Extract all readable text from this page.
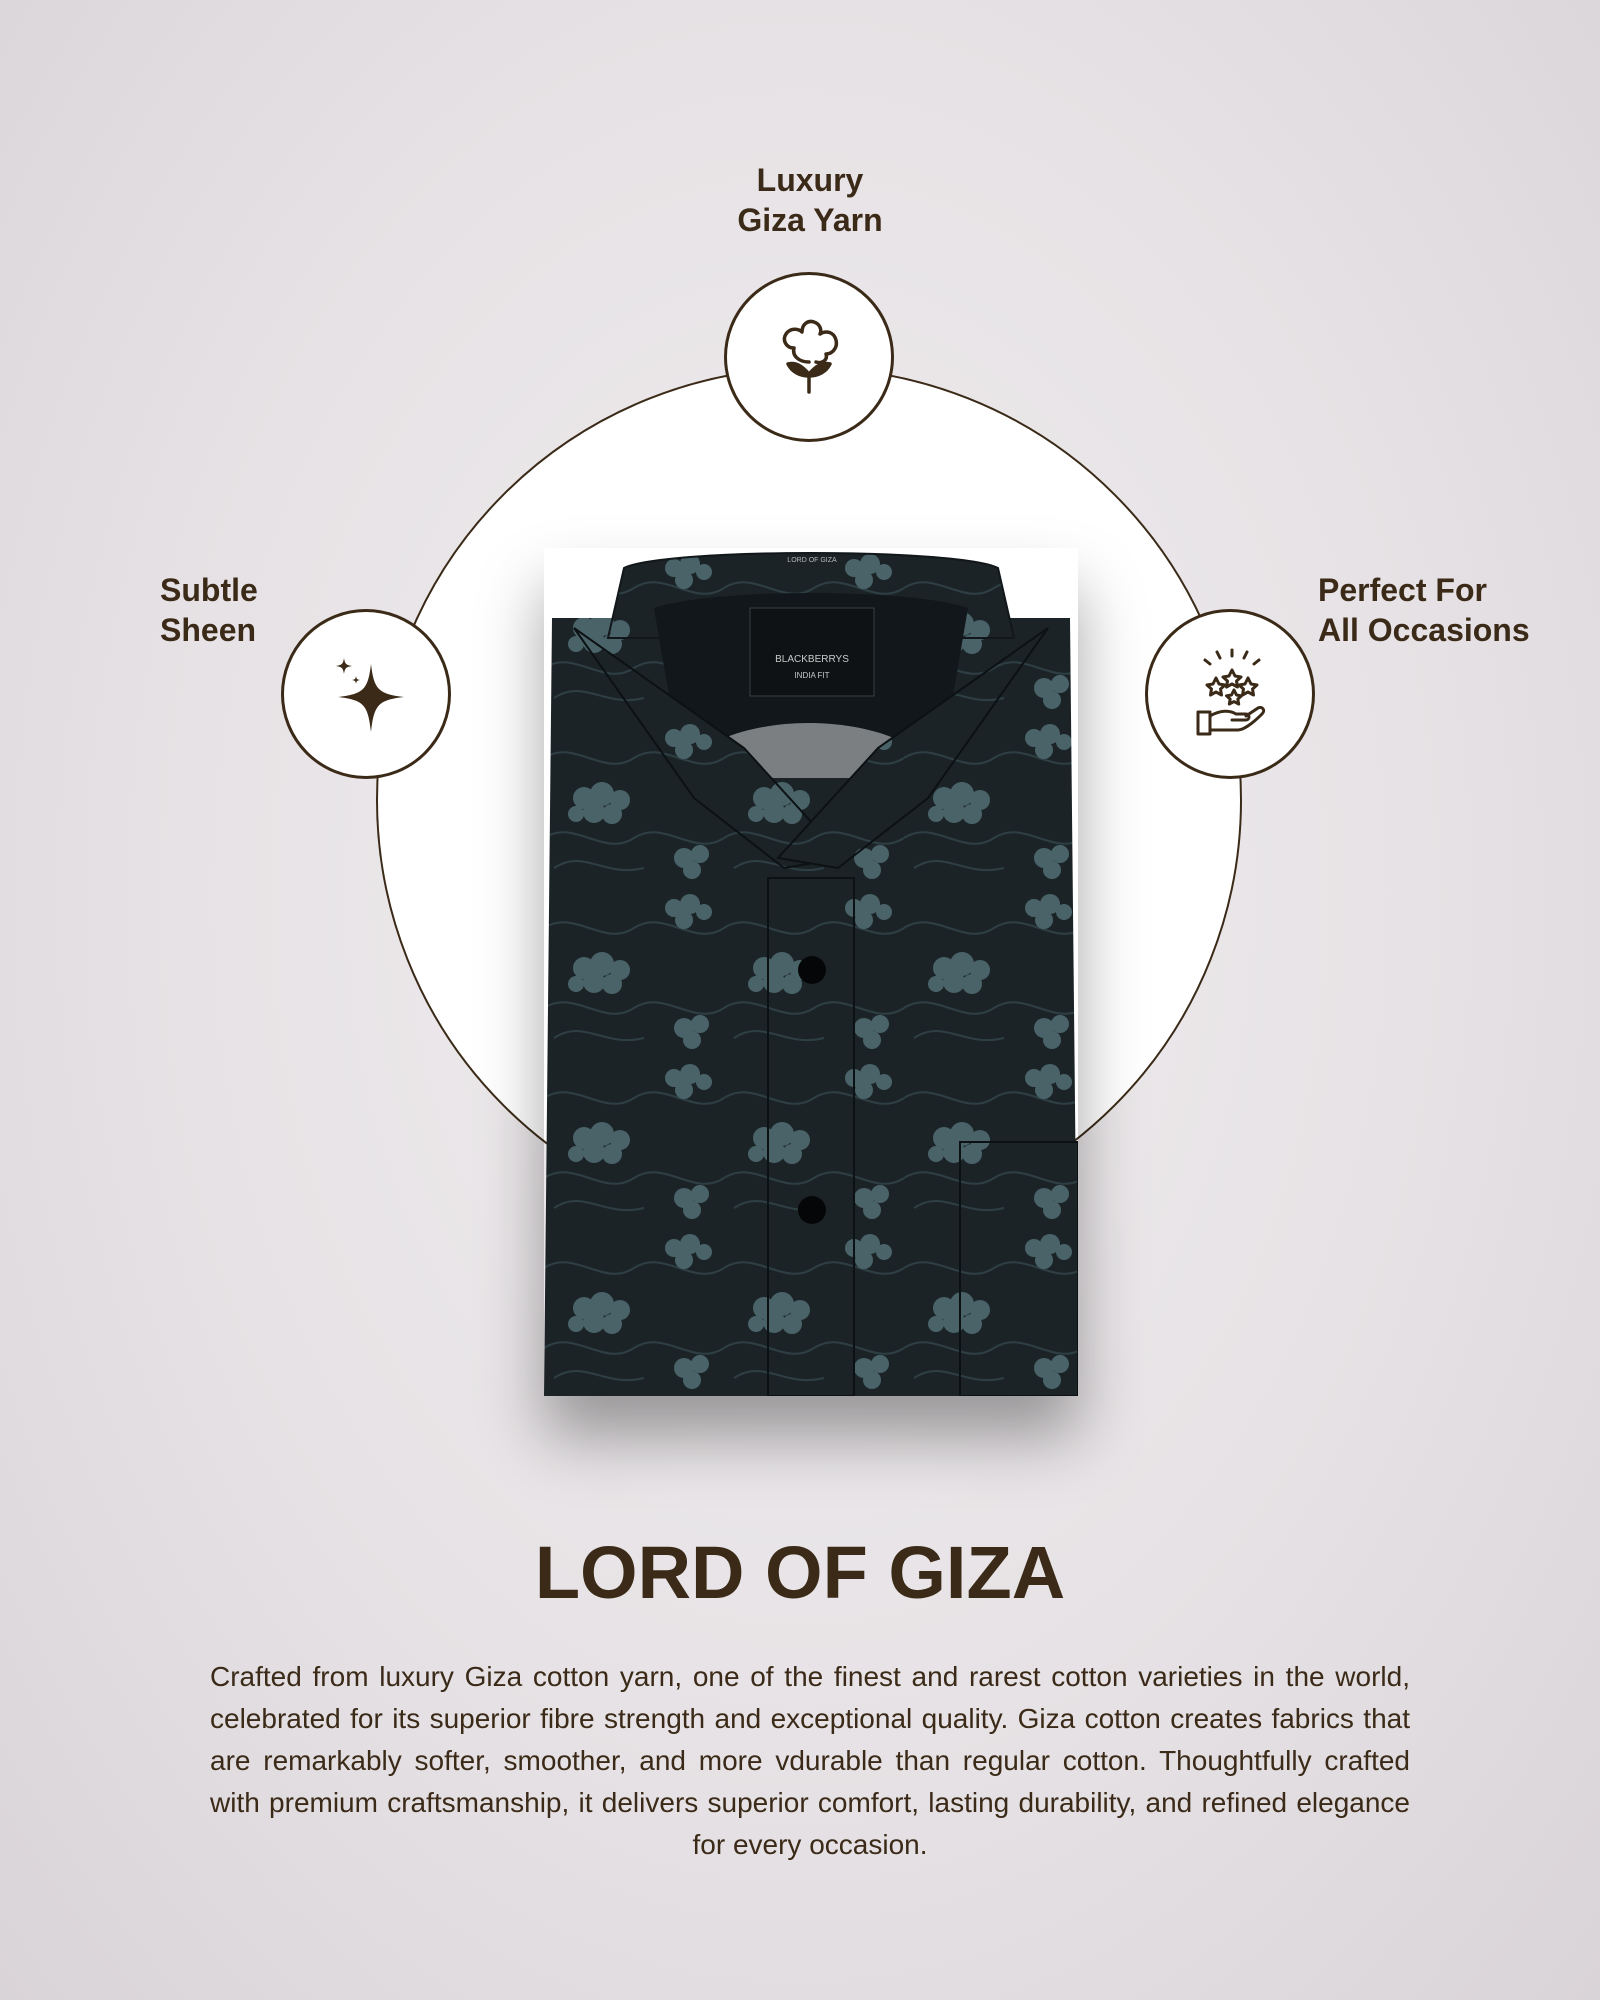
Luxury
Giza Yarn
Subtle
Sheen
Perfect For
All Occasions
BLACKBERRYS
INDIA FIT
LORD OF GIZA
LORD OF GIZA
Crafted from luxury Giza cotton yarn, one of the finest and rarest cotton varieties in the world, celebrated for its superior fibre strength and exceptional quality. Giza cotton creates fabrics that are remarkably softer, smoother, and more vdurable than regular cotton. Thoughtfully crafted with premium craftsmanship, it delivers superior comfort, lasting durability, and refined elegance for every occasion.
